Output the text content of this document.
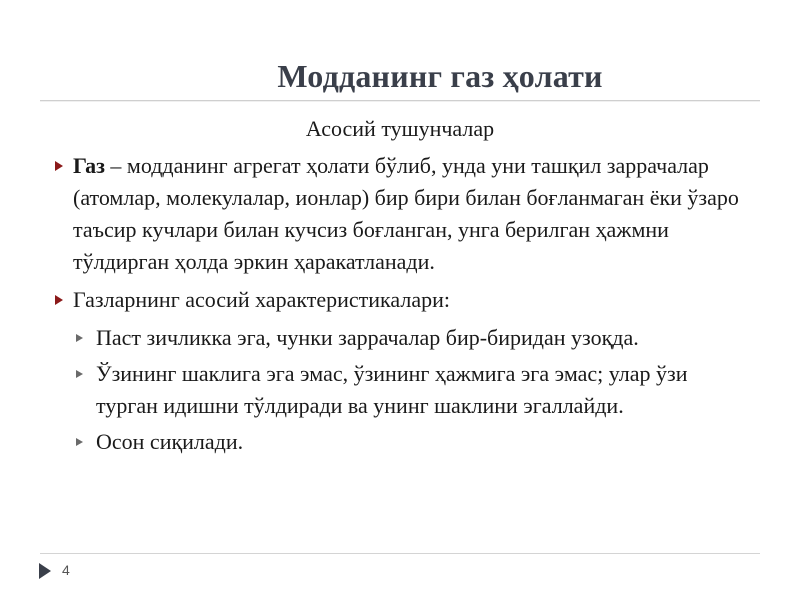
Модданинг газ ҳолати
Асосий тушунчалар
Газ – модданинг агрегат ҳолати бўлиб, унда уни ташқил заррачалар (атомлар, молекулалар, ионлар) бир бири билан боғланмаган ёки ўзаро таъсир кучлари билан кучсиз боғланган, унга берилган ҳажмни тўлдирган ҳолда эркин ҳаракатланади.
Газларнинг асосий характеристикалари:
Паст зичликка эга, чунки заррачалар бир-биридан узоқда.
Ўзининг шаклига эга эмас, ўзининг ҳажмига эга эмас; улар ўзи турган идишни тўлдиради ва унинг шаклини эгаллайди.
Осон сиқилади.
4
